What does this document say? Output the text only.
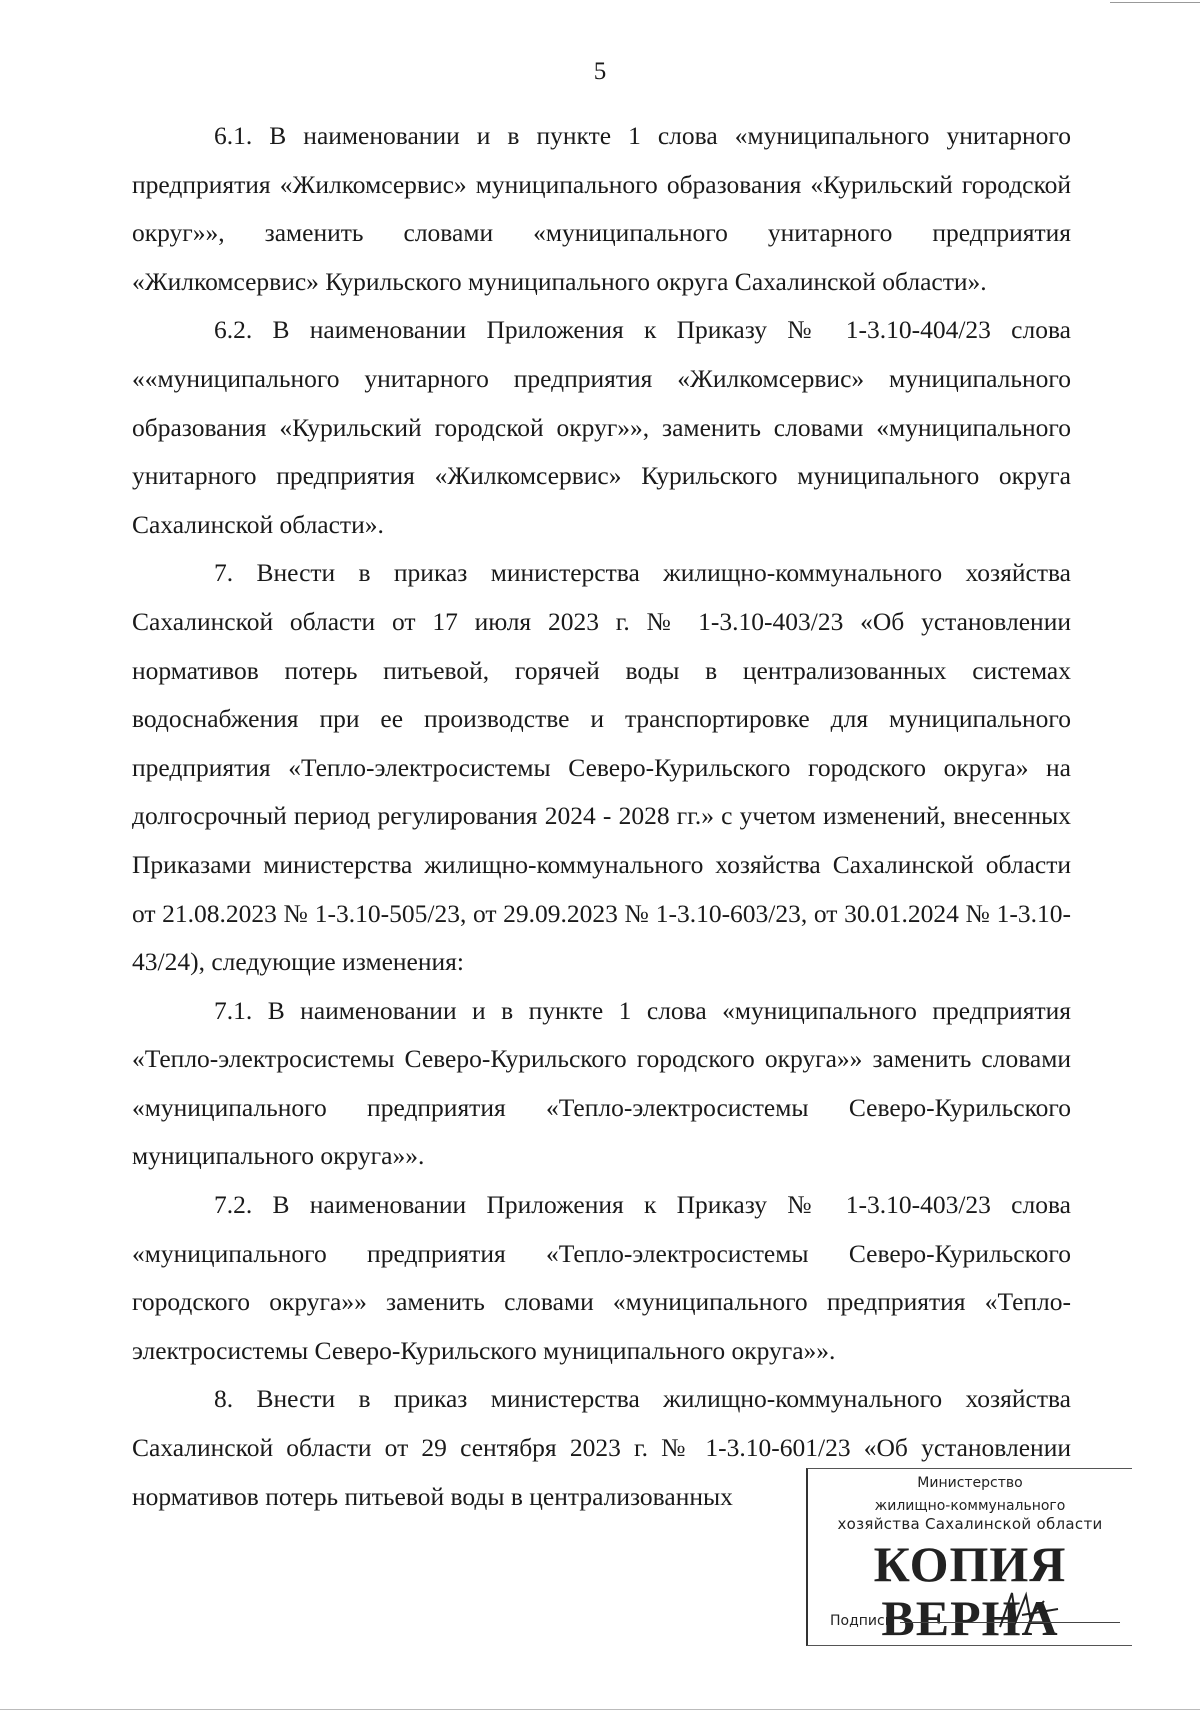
5

6.1. В наименовании и в пункте 1 слова «муниципального унитарного предприятия «Жилкомсервис» муниципального образования «Курильский городской округ»», заменить словами «муниципального унитарного предприятия «Жилкомсервис» Курильского муниципального округа Сахалинской области».

6.2. В наименовании Приложения к Приказу № 1-3.10-404/23 слова ««муниципального унитарного предприятия «Жилкомсервис» муниципального образования «Курильский городской округ»», заменить словами «муниципального унитарного предприятия «Жилкомсервис» Курильского муниципального округа Сахалинской области».

7. Внести в приказ министерства жилищно-коммунального хозяйства Сахалинской области от 17 июля 2023 г. № 1-3.10-403/23 «Об установлении нормативов потерь питьевой, горячей воды в централизованных системах водоснабжения при ее производстве и транспортировке для муниципального предприятия «Тепло-электросистемы Северо-Курильского городского округа» на долгосрочный период регулирования 2024 - 2028 гг.» с учетом изменений, внесенных Приказами министерства жилищно-коммунального хозяйства Сахалинской области от 21.08.2023 № 1-3.10-505/23, от 29.09.2023 № 1-3.10-603/23, от 30.01.2024 № 1-3.10-43/24), следующие изменения:

7.1. В наименовании и в пункте 1 слова «муниципального предприятия «Тепло-электросистемы Северо-Курильского городского округа»» заменить словами «муниципального предприятия «Тепло-электросистемы Северо-Курильского муниципального округа»».

7.2. В наименовании Приложения к Приказу № 1-3.10-403/23 слова «муниципального предприятия «Тепло-электросистемы Северо-Курильского городского округа»» заменить словами «муниципального предприятия «Тепло-электросистемы Северо-Курильского муниципального округа»».

8. Внести в приказ министерства жилищно-коммунального хозяйства Сахалинской области от 29 сентября 2023 г. № 1-3.10-601/23 «Об установлении нормативов потерь питьевой воды в централизованных	Министерство
жилищно-коммунального
хозяйства Сахалинской области
КОПИЯ ВЕРНА
Подпись
